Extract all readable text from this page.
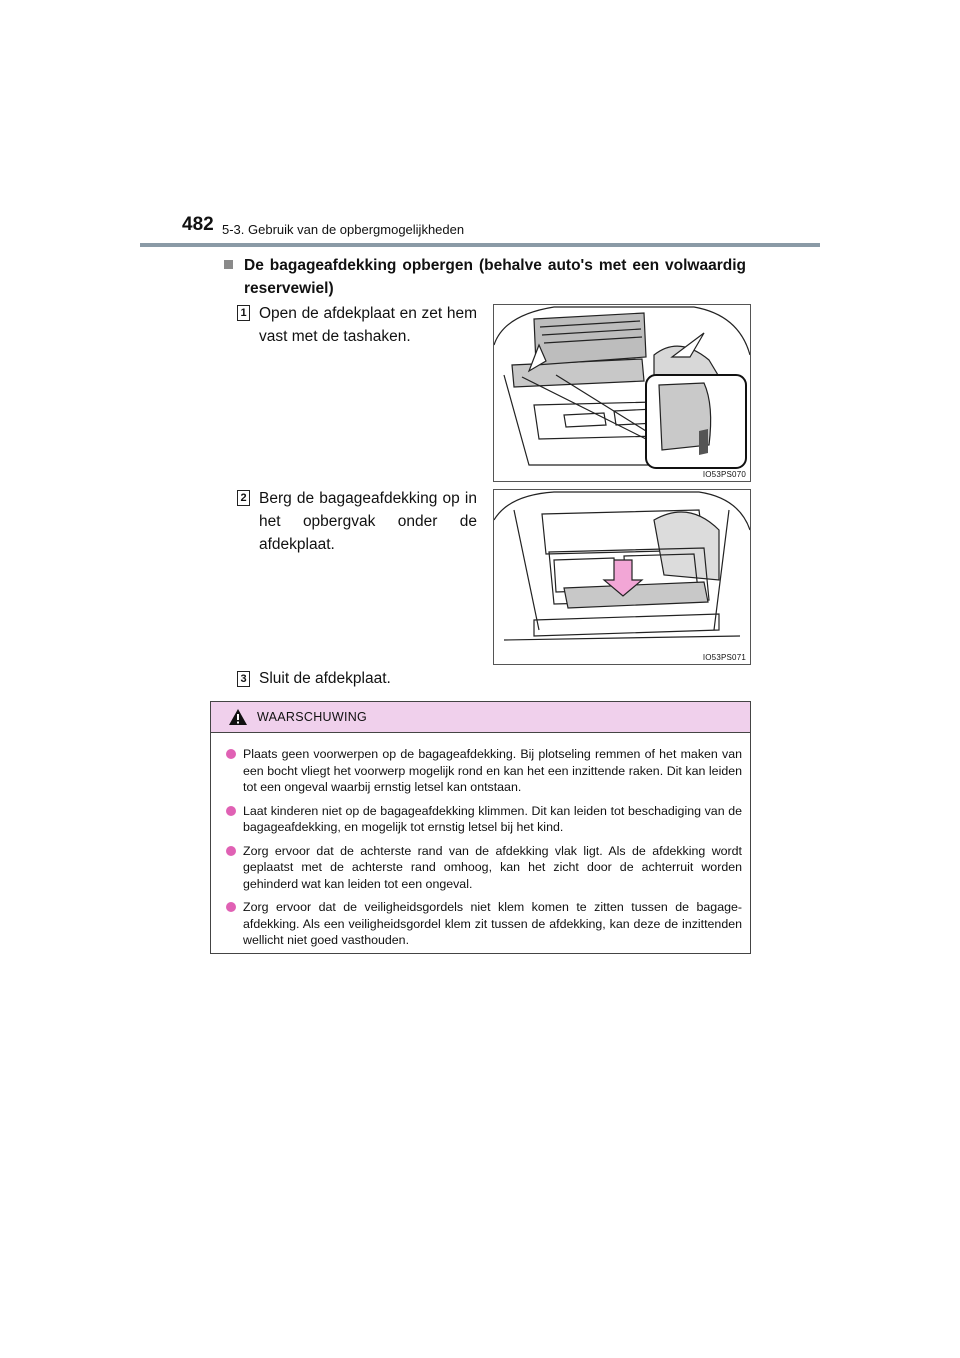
482 5-3. Gebruik van de opbergmogelijkheden
De bagageafdekking opbergen (behalve auto's met een volwaardig reservewiel)
1 Open de afdekplaat en zet hem vast met de tashaken.
IO53PS070
2 Berg de bagageafdekking op in het opbergvak onder de afdekplaat.
IO53PS071
3 Sluit de afdekplaat.
WAARSCHUWING
Plaats geen voorwerpen op de bagageafdekking. Bij plotseling remmen of het maken van een bocht vliegt het voorwerp mogelijk rond en kan het een inzittende raken. Dit kan leiden tot een ongeval waarbij ernstig letsel kan ontstaan.
Laat kinderen niet op de bagageafdekking klimmen. Dit kan leiden tot beschadiging van de bagageafdekking, en mogelijk tot ernstig letsel bij het kind.
Zorg ervoor dat de achterste rand van de afdekking vlak ligt. Als de afdekking wordt geplaatst met de achterste rand omhoog, kan het zicht door de achterruit worden gehinderd wat kan leiden tot een ongeval.
Zorg ervoor dat de veiligheidsgordels niet klem komen te zitten tussen de bagage-afdekking. Als een veiligheidsgordel klem zit tussen de afdekking, kan deze de inzittenden wellicht niet goed vasthouden.
